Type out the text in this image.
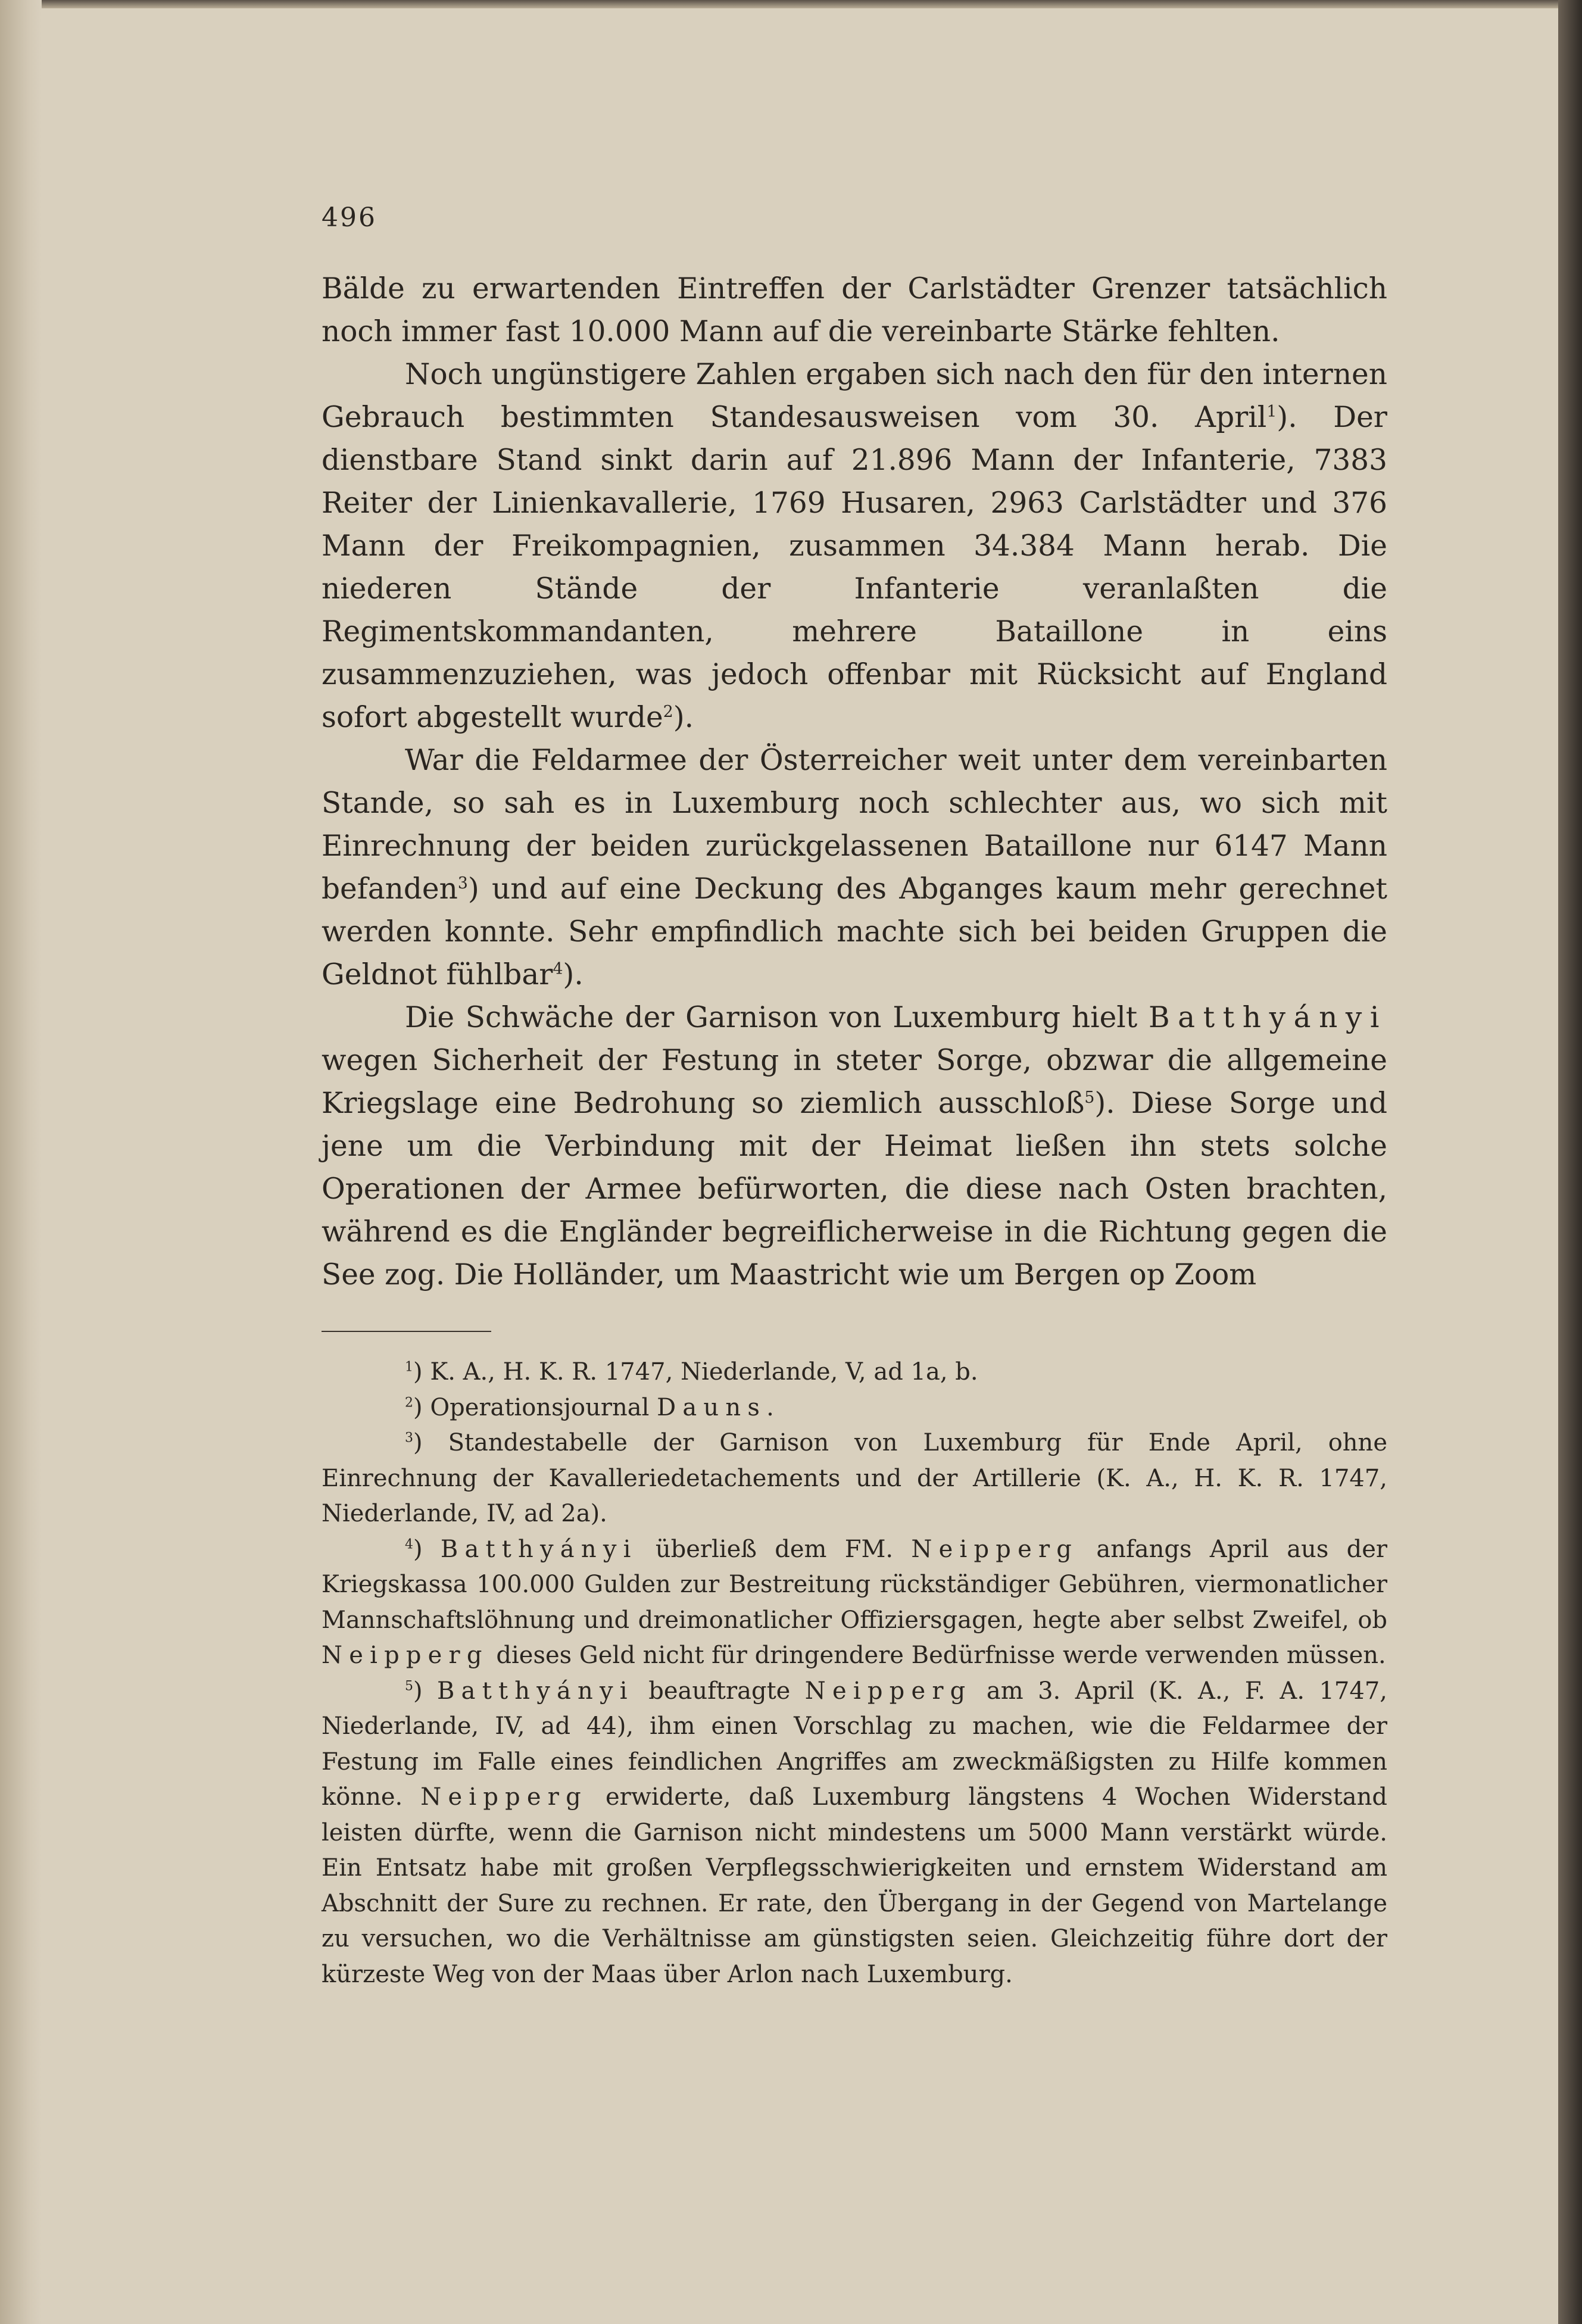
496

Bälde zu erwartenden Eintreffen der Carlstädter Grenzer tatsächlich noch immer fast 10.000 Mann auf die vereinbarte Stärke fehlten.

Noch ungünstigere Zahlen ergaben sich nach den für den internen Gebrauch bestimmten Standesausweisen vom 30. April$^1$). Der dienstbare Stand sinkt darin auf 21.896 Mann der Infanterie, 7383 Reiter der Linienkavallerie, 1769 Husaren, 2963 Carlstädter und 376 Mann der Freikompagnien, zusammen 34.384 Mann herab. Die niederen Stände der Infanterie veranlaßten die Regimentskommandanten, mehrere Bataillone in eins zusammenzuziehen, was jedoch offenbar mit Rücksicht auf England sofort abgestellt wurde$^2$).

War die Feldarmee der Österreicher weit unter dem vereinbarten Stande, so sah es in Luxemburg noch schlechter aus, wo sich mit Einrechnung der beiden zurückgelassenen Bataillone nur 6147 Mann befanden$^3$) und auf eine Deckung des Abganges kaum mehr gerechnet werden konnte. Sehr empfindlich machte sich bei beiden Gruppen die Geldnot fühlbar$^4$).

Die Schwäche der Garnison von Luxemburg hielt Batthyányi wegen Sicherheit der Festung in steter Sorge, obzwar die allgemeine Kriegslage eine Bedrohung so ziemlich ausschloß$^5$). Diese Sorge und jene um die Verbindung mit der Heimat ließen ihn stets solche Operationen der Armee befürworten, die diese nach Osten brachten, während es die Engländer begreiflicherweise in die Richtung gegen die See zog. Die Holländer, um Maastricht wie um Bergen op Zoom

$^1$) K. A., H. K. R. 1747, Niederlande, V, ad 1a, b.

$^2$) Operationsjournal Dauns.

$^3$) Standestabelle der Garnison von Luxemburg für Ende April, ohne Einrechnung der Kavalleriedetachements und der Artillerie (K. A., H. K. R. 1747, Niederlande, IV, ad 2a).

$^4$) Batthyányi überließ dem FM. Neipperg anfangs April aus der Kriegskassa 100.000 Gulden zur Bestreitung rückständiger Gebühren, viermonatlicher Mannschaftslöhnung und dreimonatlicher Offiziersgagen, hegte aber selbst Zweifel, ob Neipperg dieses Geld nicht für dringendere Bedürfnisse werde verwenden müssen.

$^5$) Batthyányi beauftragte Neipperg am 3. April (K. A., F. A. 1747, Niederlande, IV, ad 44), ihm einen Vorschlag zu machen, wie die Feldarmee der Festung im Falle eines feindlichen Angriffes am zweckmäßigsten zu Hilfe kommen könne. Neipperg erwiderte, daß Luxemburg längstens 4 Wochen Widerstand leisten dürfte, wenn die Garnison nicht mindestens um 5000 Mann verstärkt würde. Ein Entsatz habe mit großen Verpflegsschwierigkeiten und ernstem Widerstand am Abschnitt der Sure zu rechnen. Er rate, den Übergang in der Gegend von Martelange zu versuchen, wo die Verhältnisse am günstigsten seien. Gleichzeitig führe dort der kürzeste Weg von der Maas über Arlon nach Luxemburg.
